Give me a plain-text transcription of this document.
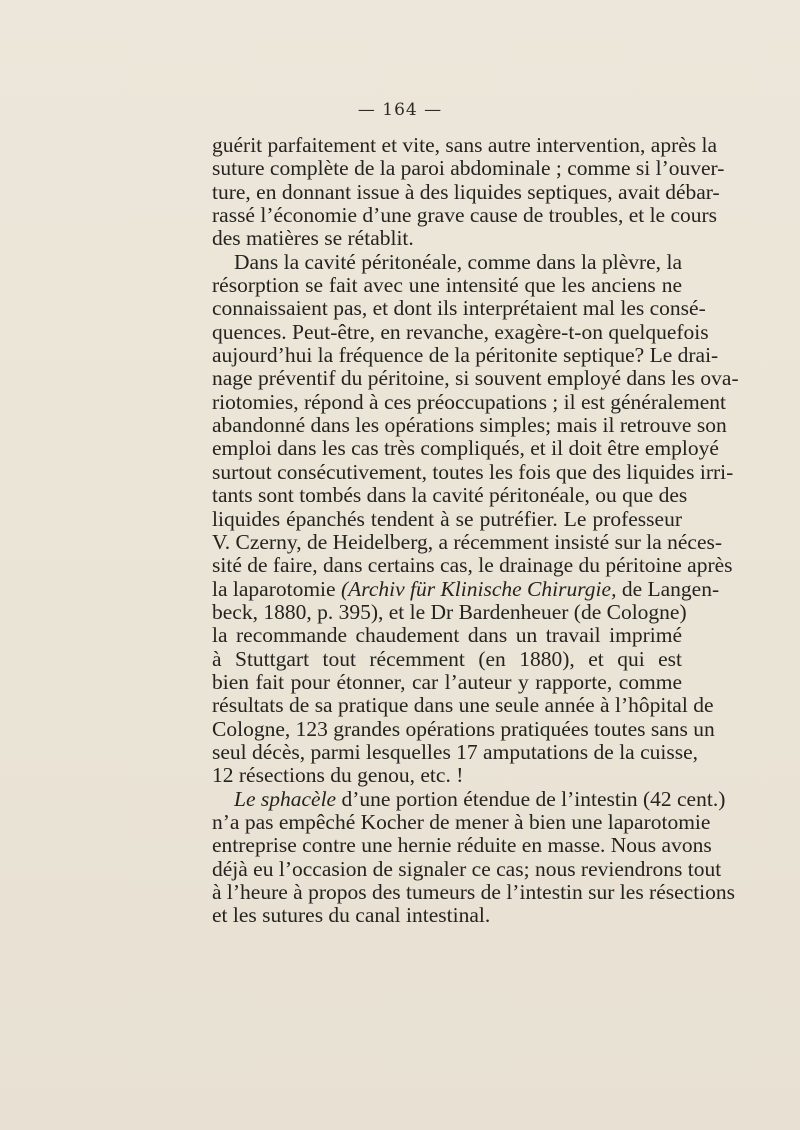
— 164 —
guérit parfaitement et vite, sans autre intervention, après la
suture complète de la paroi abdominale ; comme si l’ouver-
ture, en donnant issue à des liquides septiques, avait débar-
rassé l’économie d’une grave cause de troubles, et le cours
des matières se rétablit.
Dans la cavité péritonéale, comme dans la plèvre, la
résorption se fait avec une intensité que les anciens ne
connaissaient pas, et dont ils interprétaient mal les consé-
quences. Peut-être, en revanche, exagère-t-on quelquefois
aujourd’hui la fréquence de la péritonite septique? Le drai-
nage préventif du péritoine, si souvent employé dans les ova-
riotomies, répond à ces préoccupations ; il est généralement
abandonné dans les opérations simples; mais il retrouve son
emploi dans les cas très compliqués, et il doit être employé
surtout consécutivement, toutes les fois que des liquides irri-
tants sont tombés dans la cavité péritonéale, ou que des
liquides épanchés tendent à se putréfier. Le professeur
V. Czerny, de Heidelberg, a récemment insisté sur la néces-
sité de faire, dans certains cas, le drainage du péritoine après
la laparotomie (Archiv für Klinische Chirurgie, de Langen-
beck, 1880, p. 395), et le Dr Bardenheuer (de Cologne)
la recommande chaudement dans un travail imprimé
à Stuttgart tout récemment (en 1880), et qui est
bien fait pour étonner, car l’auteur y rapporte, comme
résultats de sa pratique dans une seule année à l’hôpital de
Cologne, 123 grandes opérations pratiquées toutes sans un
seul décès, parmi lesquelles 17 amputations de la cuisse,
12 résections du genou, etc. !
Le sphacèle d’une portion étendue de l’intestin (42 cent.)
n’a pas empêché Kocher de mener à bien une laparotomie
entreprise contre une hernie réduite en masse. Nous avons
déjà eu l’occasion de signaler ce cas; nous reviendrons tout
à l’heure à propos des tumeurs de l’intestin sur les résections
et les sutures du canal intestinal.
